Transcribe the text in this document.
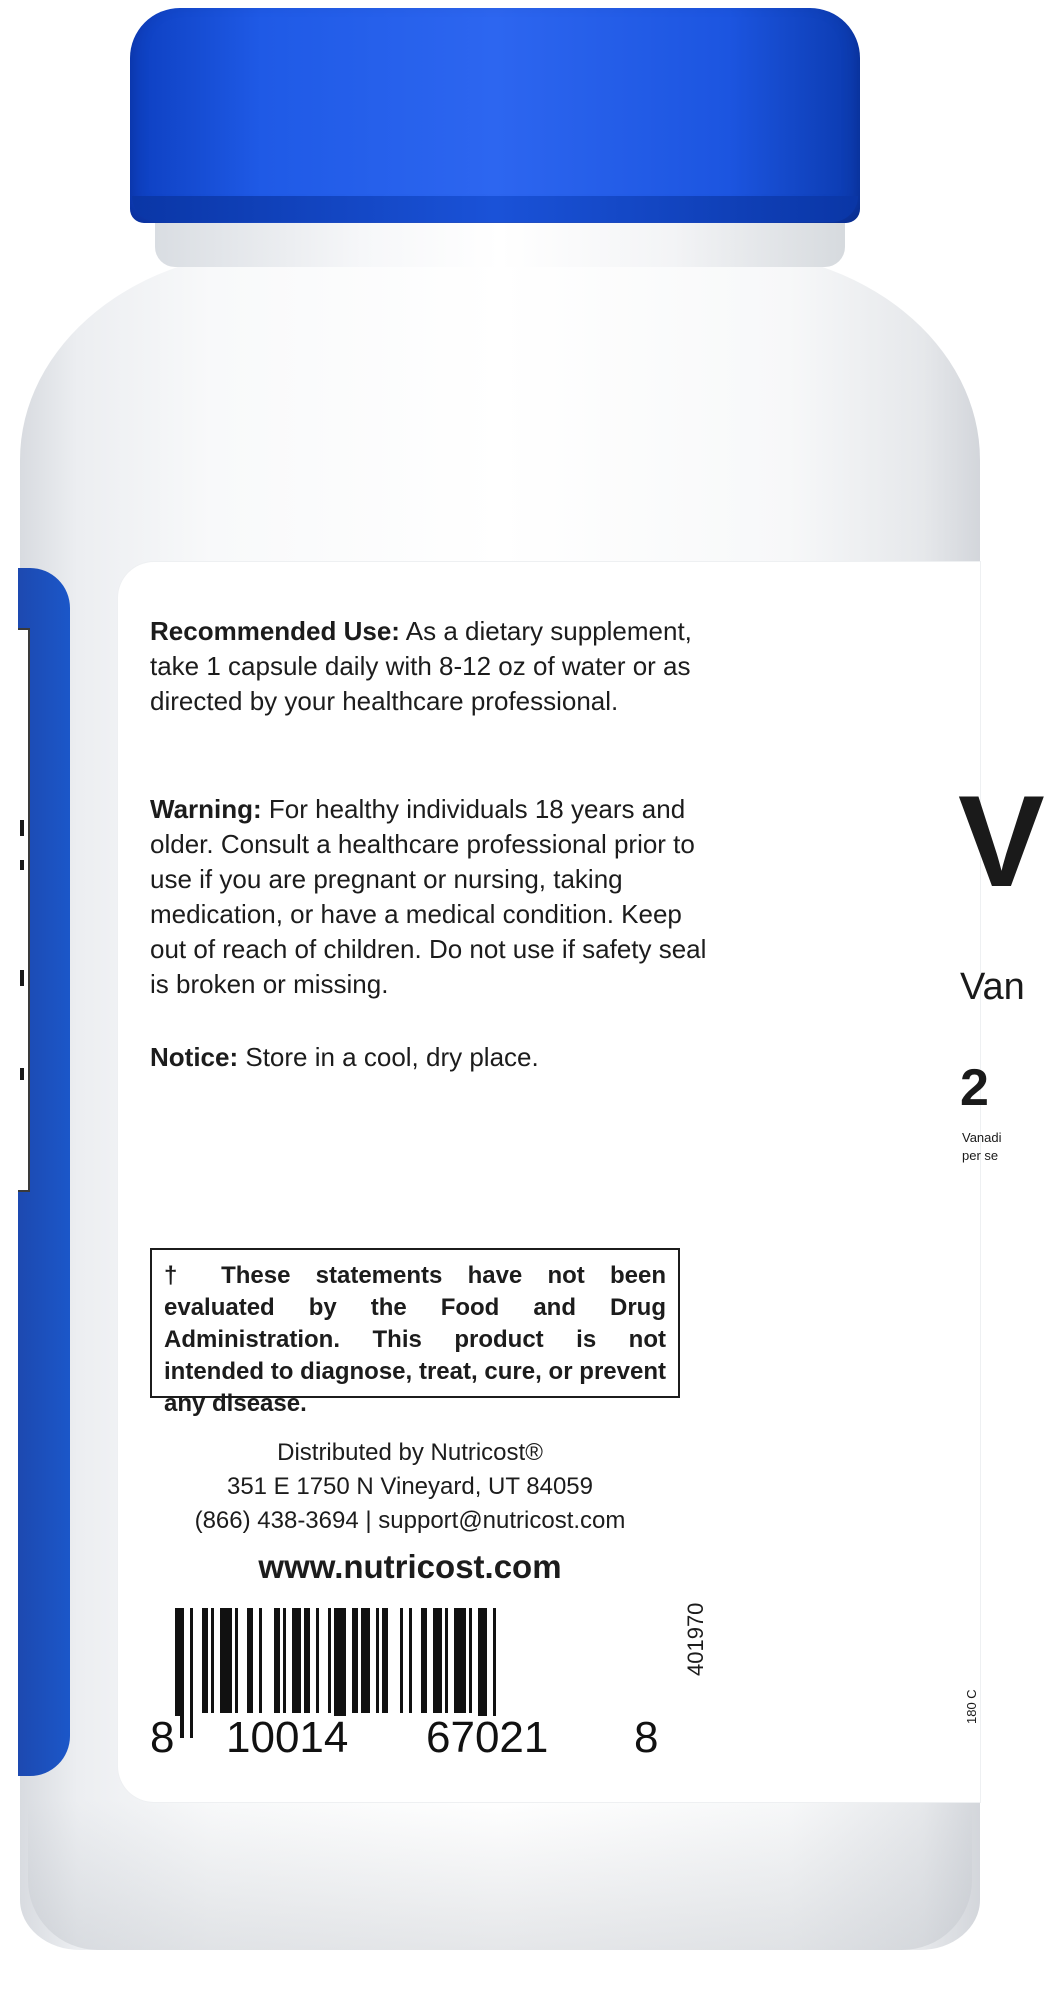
Recommended Use: As a dietary supplement, take 1 capsule daily with 8-12 oz of water or as directed by your healthcare professional.
Warning: For healthy individuals 18 years and older. Consult a healthcare professional prior to use if you are pregnant or nursing, taking medication, or have a medical condition. Keep out of reach of children. Do not use if safety seal is broken or missing.
Notice: Store in a cool, dry place.
† These statements have not been evaluated by the Food and Drug Administration. This product is not intended to diagnose, treat, cure, or prevent any disease.
Distributed by Nutricost®
351 E 1750 N Vineyard, UT 84059
(866) 438-3694 | support@nutricost.com
www.nutricost.com
8 10014 67021 8
401970
V
Van
2
Vanadi
per se
180 C
